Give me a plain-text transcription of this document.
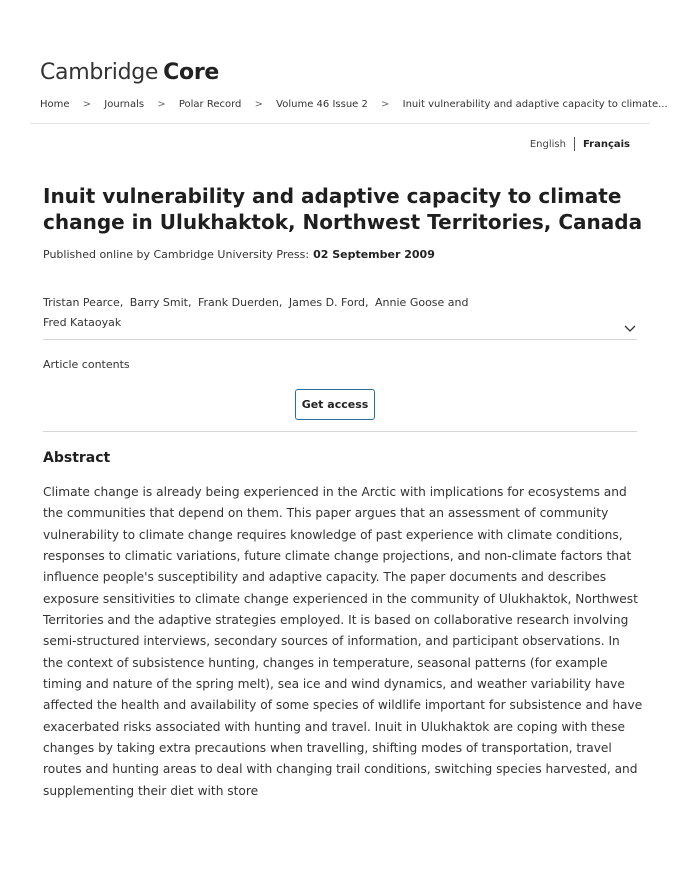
Cambridge Core
Home > Journals > Polar Record > Volume 46 Issue 2 > Inuit vulnerability and adaptive capacity to climate...
English Français
Inuit vulnerability and adaptive capacity to climate change in Ulukhaktok, Northwest Territories, Canada
Published online by Cambridge University Press: 02 September 2009
Tristan Pearce, Barry Smit, Frank Duerden, James D. Ford, Annie Goose and
Fred Kataoyak
Article contents
Get access
Abstract

Climate change is already being experienced in the Arctic with implications for ecosystems and the communities that depend on them. This paper argues that an assessment of community vulnerability to climate change requires knowledge of past experience with climate conditions, responses to climatic variations, future climate change projections, and non-climate factors that influence people's susceptibility and adaptive capacity. The paper documents and describes exposure sensitivities to climate change experienced in the community of Ulukhaktok, Northwest Territories and the adaptive strategies employed. It is based on collaborative research involving semi-structured interviews, secondary sources of information, and participant observations. In the context of subsistence hunting, changes in temperature, seasonal patterns (for example timing and nature of the spring melt), sea ice and wind dynamics, and weather variability have affected the health and availability of some species of wildlife important for subsistence and have exacerbated risks associated with hunting and travel. Inuit in Ulukhaktok are coping with these changes by taking extra precautions when travelling, shifting modes of transportation, travel routes and hunting areas to deal with changing trail conditions, switching species harvested, and supplementing their diet with store
